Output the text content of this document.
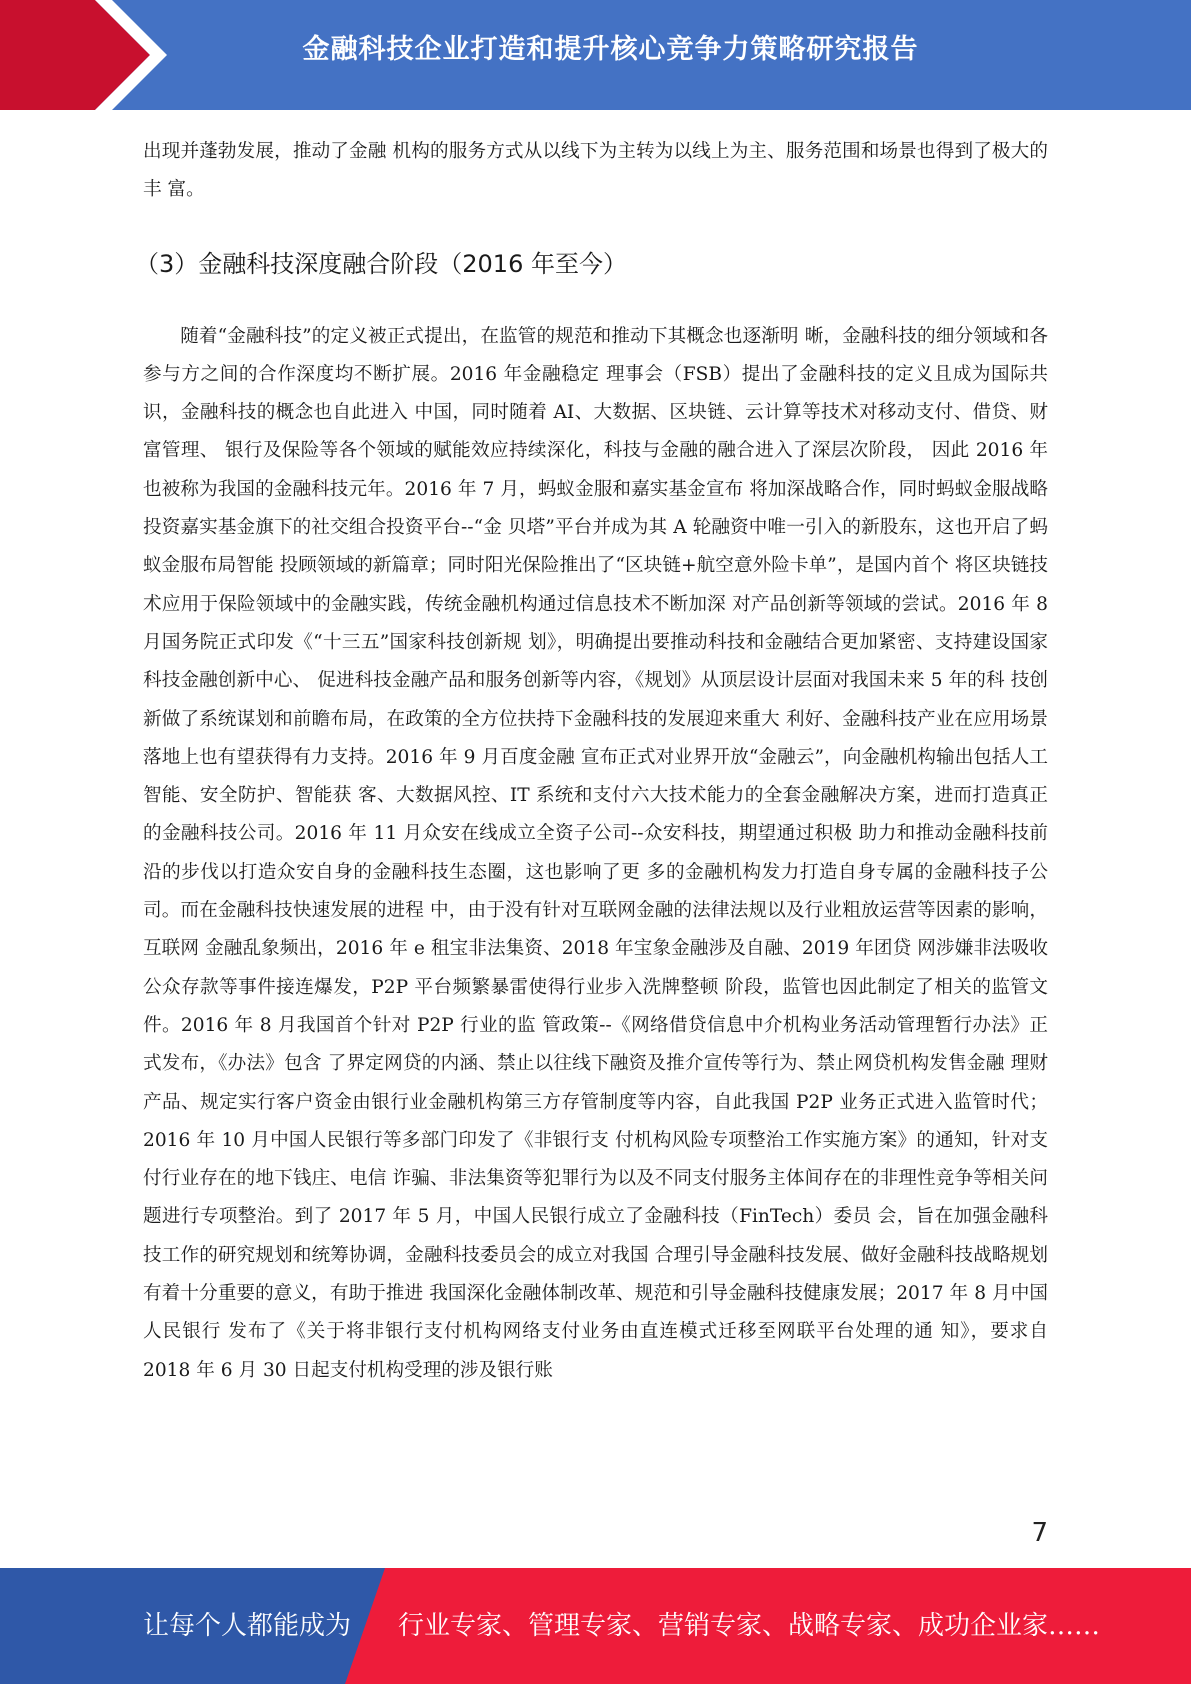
金融科技企业打造和提升核心竞争力策略研究报告

出现并蓬勃发展，推动了金融 机构的服务方式从以线下为主转为以线上为主、服务范围和场景也得到了极大的丰 富。

（3）金融科技深度融合阶段（2016 年至今）

随着“金融科技”的定义被正式提出，在监管的规范和推动下其概念也逐渐明 晰，金融科技的细分领域和各参与方之间的合作深度均不断扩展。2016 年金融稳定 理事会（FSB）提出了金融科技的定义且成为国际共识，金融科技的概念也自此进入 中国，同时随着 AI、大数据、区块链、云计算等技术对移动支付、借贷、财富管理、 银行及保险等各个领域的赋能效应持续深化，科技与金融的融合进入了深层次阶段， 因此 2016 年也被称为我国的金融科技元年。2016 年 7 月，蚂蚁金服和嘉实基金宣布 将加深战略合作，同时蚂蚁金服战略投资嘉实基金旗下的社交组合投资平台--“金 贝塔”平台并成为其 A 轮融资中唯一引入的新股东，这也开启了蚂蚁金服布局智能 投顾领域的新篇章；同时阳光保险推出了“区块链+航空意外险卡单”，是国内首个 将区块链技术应用于保险领域中的金融实践，传统金融机构通过信息技术不断加深 对产品创新等领域的尝试。2016 年 8 月国务院正式印发《“十三五”国家科技创新规 划》，明确提出要推动科技和金融结合更加紧密、支持建设国家科技金融创新中心、 促进科技金融产品和服务创新等内容，《规划》从顶层设计层面对我国未来 5 年的科 技创新做了系统谋划和前瞻布局，在政策的全方位扶持下金融科技的发展迎来重大 利好、金融科技产业在应用场景落地上也有望获得有力支持。2016 年 9 月百度金融 宣布正式对业界开放“金融云”，向金融机构输出包括人工智能、安全防护、智能获 客、大数据风控、IT 系统和支付六大技术能力的全套金融解决方案，进而打造真正的金融科技公司。2016 年 11 月众安在线成立全资子公司--众安科技，期望通过积极 助力和推动金融科技前沿的步伐以打造众安自身的金融科技生态圈，这也影响了更 多的金融机构发力打造自身专属的金融科技子公司。而在金融科技快速发展的进程 中，由于没有针对互联网金融的法律法规以及行业粗放运营等因素的影响，互联网 金融乱象频出，2016 年 e 租宝非法集资、2018 年宝象金融涉及自融、2019 年团贷 网涉嫌非法吸收公众存款等事件接连爆发，P2P 平台频繁暴雷使得行业步入洗牌整顿 阶段，监管也因此制定了相关的监管文件。2016 年 8 月我国首个针对 P2P 行业的监 管政策--《网络借贷信息中介机构业务活动管理暂行办法》正式发布，《办法》包含 了界定网贷的内涵、禁止以往线下融资及推介宣传等行为、禁止网贷机构发售金融 理财产品、规定实行客户资金由银行业金融机构第三方存管制度等内容，自此我国 P2P 业务正式进入监管时代；2016 年 10 月中国人民银行等多部门印发了《非银行支 付机构风险专项整治工作实施方案》的通知，针对支付行业存在的地下钱庄、电信 诈骗、非法集资等犯罪行为以及不同支付服务主体间存在的非理性竞争等相关问题进行专项整治。到了 2017 年 5 月，中国人民银行成立了金融科技（FinTech）委员 会，旨在加强金融科技工作的研究规划和统筹协调，金融科技委员会的成立对我国 合理引导金融科技发展、做好金融科技战略规划有着十分重要的意义，有助于推进 我国深化金融体制改革、规范和引导金融科技健康发展；2017 年 8 月中国人民银行 发布了《关于将非银行支付机构网络支付业务由直连模式迁移至网联平台处理的通 知》，要求自 2018 年 6 月 30 日起支付机构受理的涉及银行账

7
让每个人都能成为 行业专家、管理专家、营销专家、战略专家、成功企业家……
